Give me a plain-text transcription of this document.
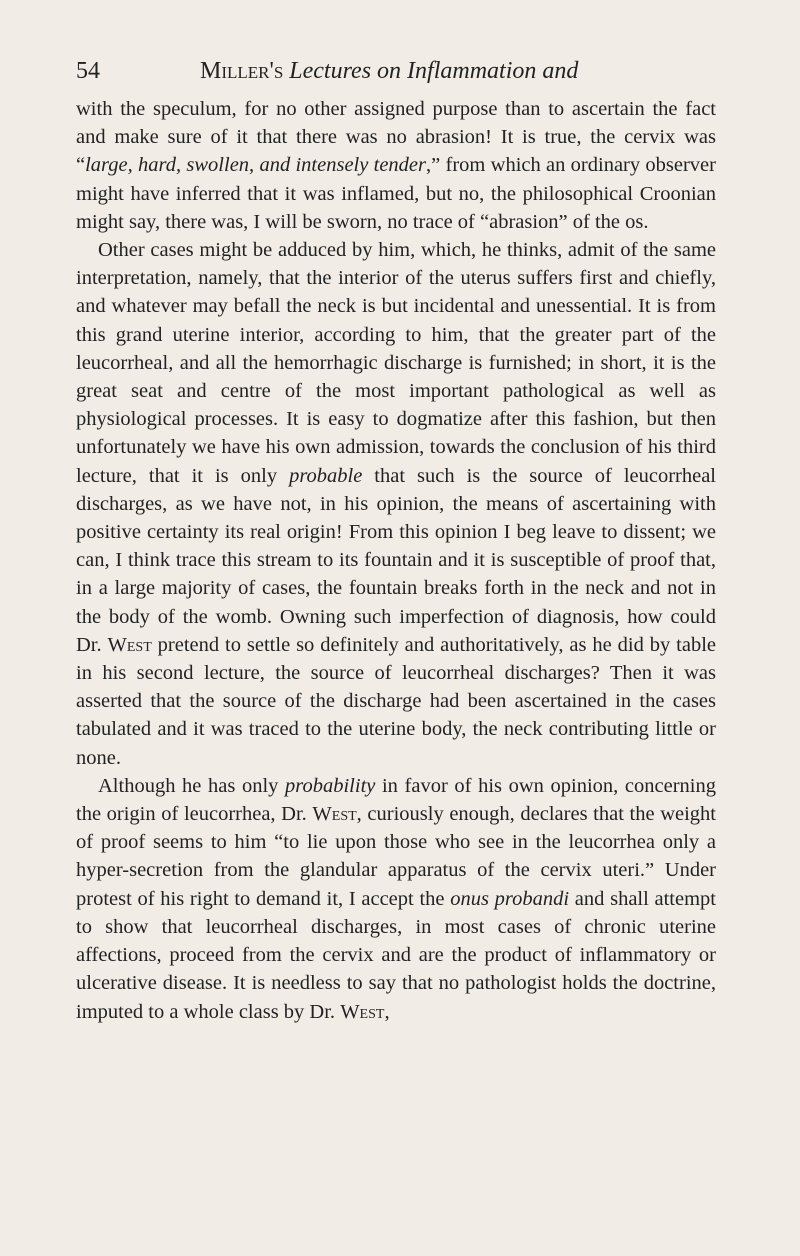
54	Miller's Lectures on Inflammation and

with the speculum, for no other assigned purpose than to ascertain the fact and make sure of it that there was no abrasion! It is true, the cervix was “large, hard, swollen, and intensely tender,” from which an ordinary observer might have inferred that it was inflamed, but no, the philosophical Croonian might say, there was, I will be sworn, no trace of “abrasion” of the os.

Other cases might be adduced by him, which, he thinks, admit of the same interpretation, namely, that the interior of the uterus suffers first and chiefly, and whatever may befall the neck is but incidental and unessential. It is from this grand uterine interior, according to him, that the greater part of the leucorrheal, and all the hemorrhagic discharge is furnished; in short, it is the great seat and centre of the most important pathological as well as physiological processes. It is easy to dogmatize after this fashion, but then unfortunately we have his own admission, towards the conclusion of his third lecture, that it is only probable that such is the source of leucorrheal discharges, as we have not, in his opinion, the means of ascertaining with positive certainty its real origin! From this opinion I beg leave to dissent; we can, I think trace this stream to its fountain and it is susceptible of proof that, in a large majority of cases, the fountain breaks forth in the neck and not in the body of the womb. Owning such imperfection of diagnosis, how could Dr. West pretend to settle so definitely and authoritatively, as he did by table in his second lecture, the source of leucorrheal discharges? Then it was asserted that the source of the discharge had been ascertained in the cases tabulated and it was traced to the uterine body, the neck contributing little or none.

Although he has only probability in favor of his own opinion, concerning the origin of leucorrhea, Dr. West, curiously enough, declares that the weight of proof seems to him “to lie upon those who see in the leucorrhea only a hyper-secretion from the glandular apparatus of the cervix uteri.” Under protest of his right to demand it, I accept the onus probandi and shall attempt to show that leucorrheal discharges, in most cases of chronic uterine affections, proceed from the cervix and are the product of inflammatory or ulcerative disease. It is needless to say that no pathologist holds the doctrine, imputed to a whole class by Dr. West,
